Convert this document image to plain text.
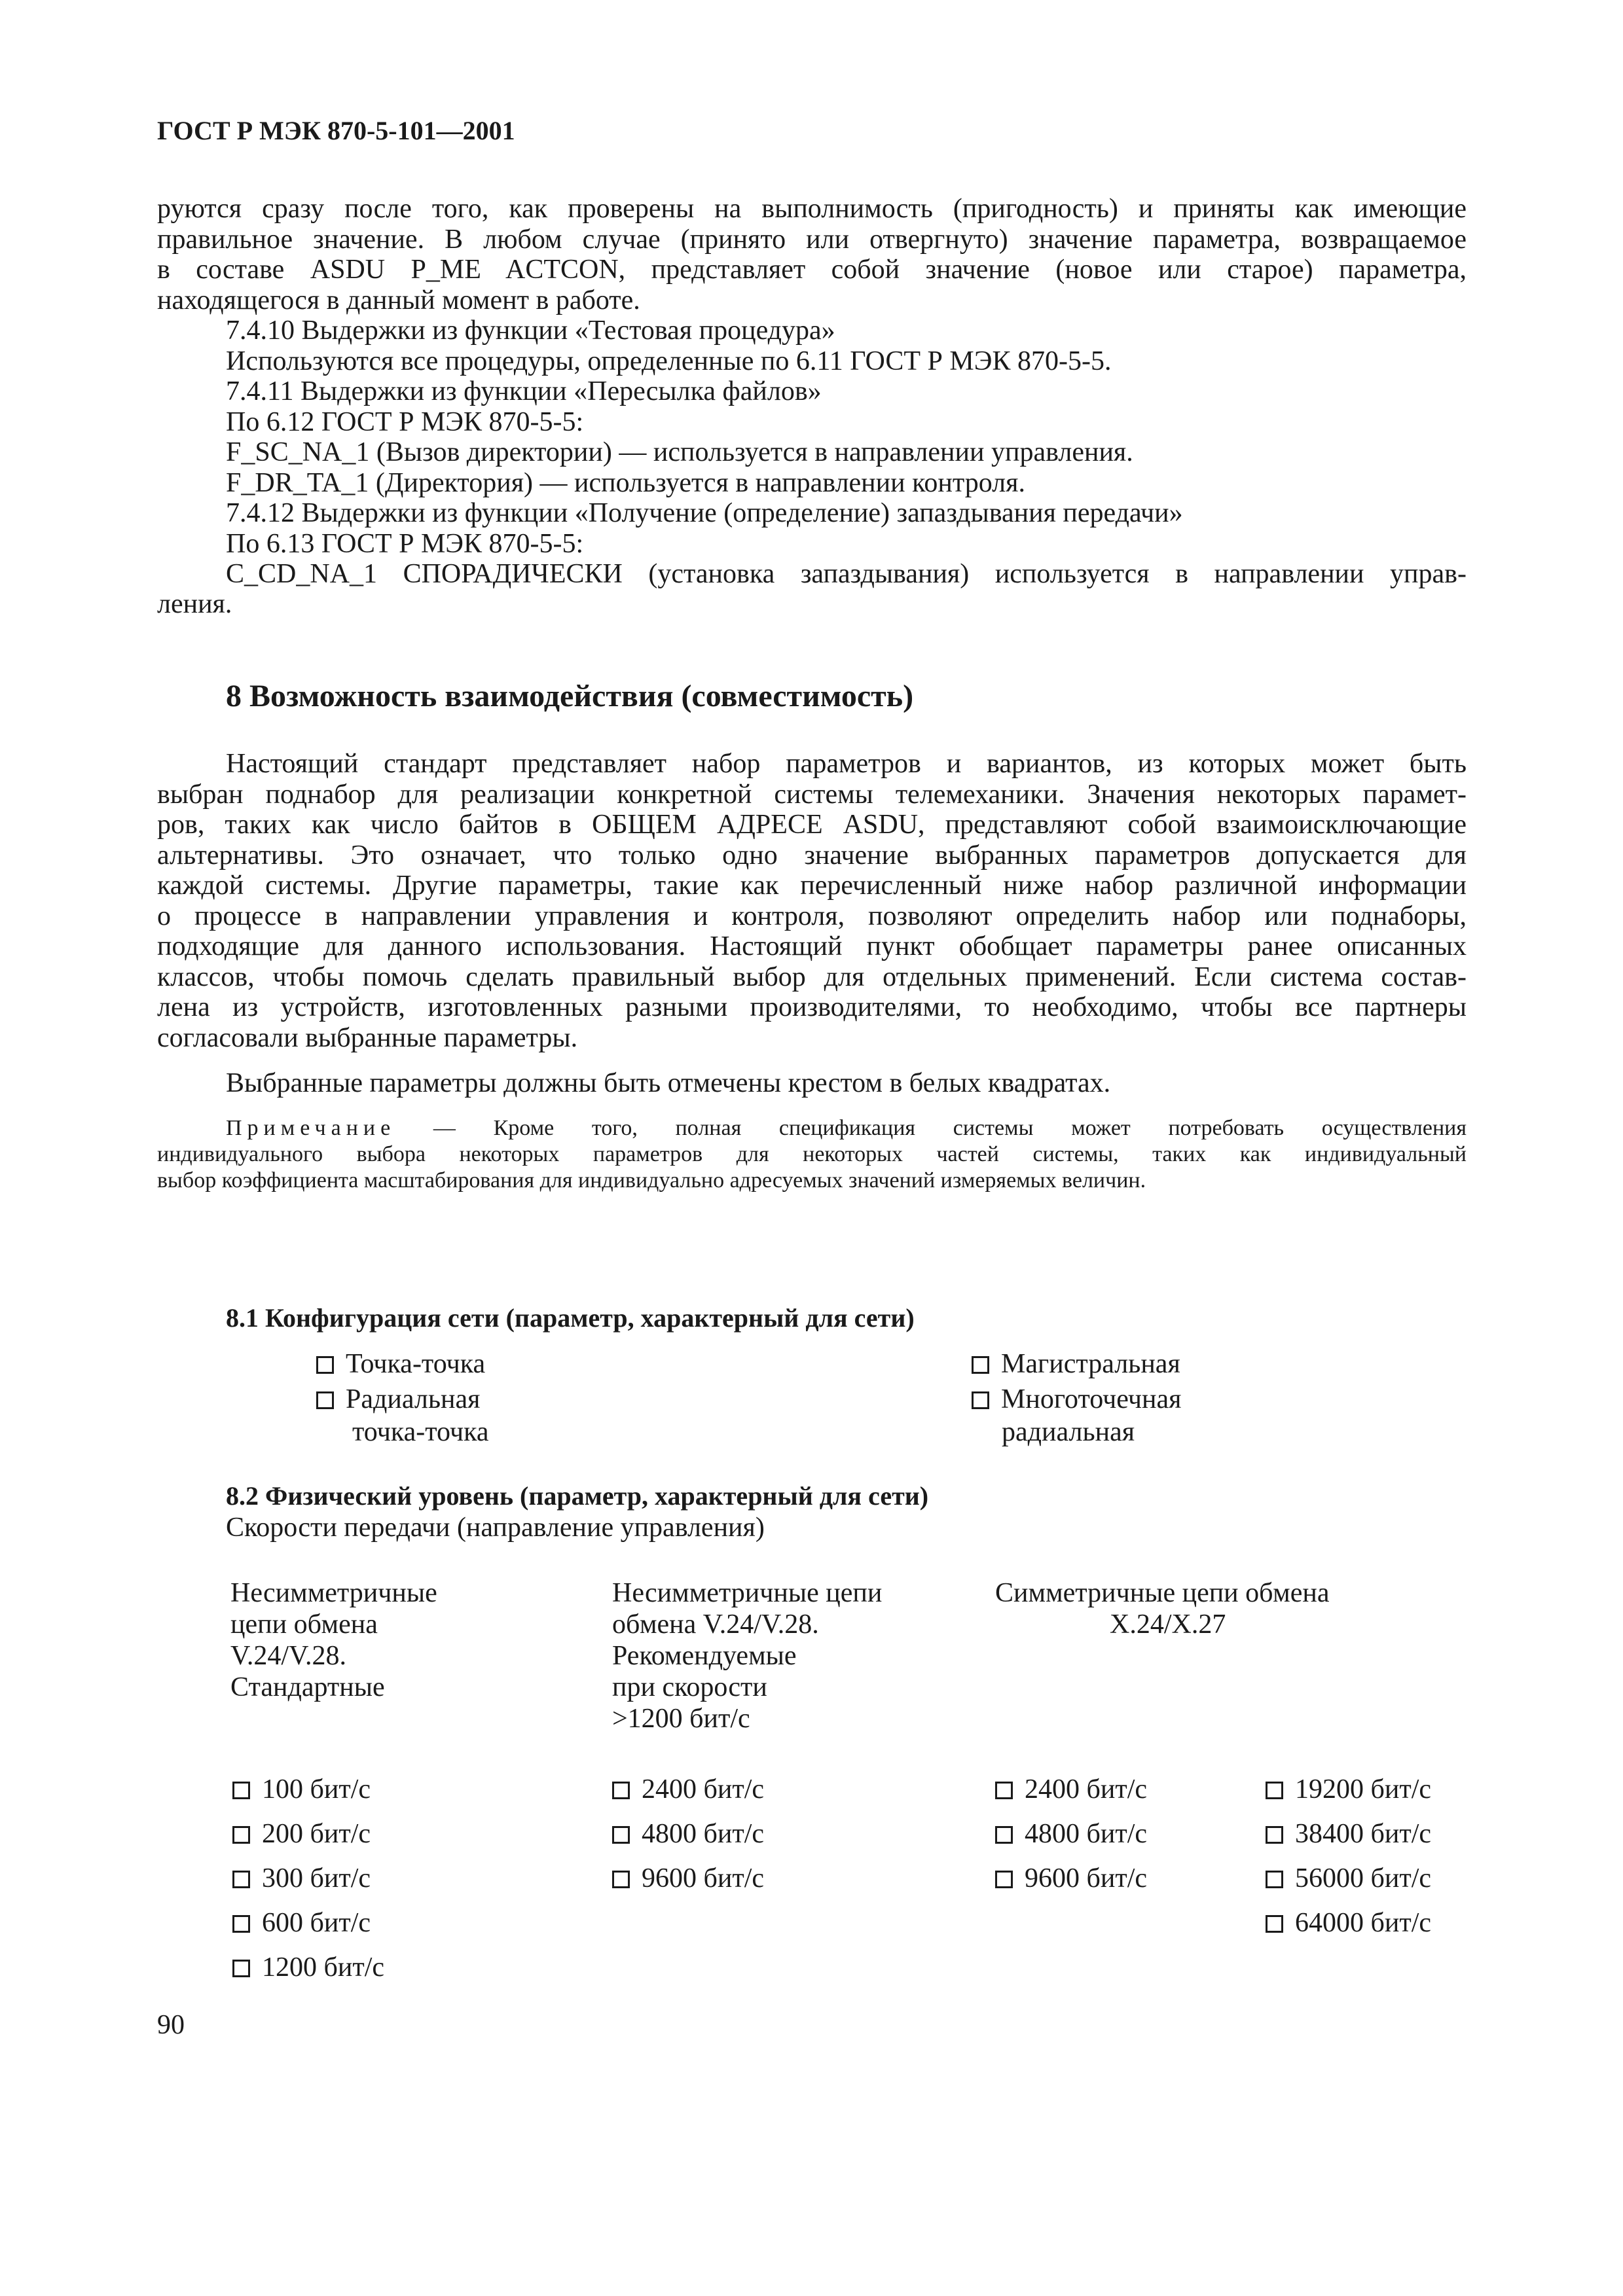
ГОСТ Р МЭК 870-5-101—2001
руются сразу после того, как проверены на выполнимость (пригодность) и приняты как имеющие
правильное значение. В любом случае (принято или отвергнуто) значение параметра, возвращаемое
в составе ASDU P_ME ACTCON, представляет собой значение (новое или старое) параметра,
находящегося в данный момент в работе.
7.4.10 Выдержки из функции «Тестовая процедура»
Используются все процедуры, определенные по 6.11 ГОСТ Р МЭК 870-5-5.
7.4.11 Выдержки из функции «Пересылка файлов»
По 6.12 ГОСТ Р МЭК 870-5-5:
F_SC_NA_1 (Вызов директории) — используется в направлении управления.
F_DR_TA_1 (Директория) — используется в направлении контроля.
7.4.12 Выдержки из функции «Получение (определение) запаздывания передачи»
По 6.13 ГОСТ Р МЭК 870-5-5:
C_CD_NA_1 СПОРАДИЧЕСКИ (установка запаздывания) используется в направлении управ-
ления.
8 Возможность взаимодействия (совместимость)
Настоящий стандарт представляет набор параметров и вариантов, из которых может быть
выбран поднабор для реализации конкретной системы телемеханики. Значения некоторых парамет-
ров, таких как число байтов в ОБЩЕМ АДРЕСЕ ASDU, представляют собой взаимоисключающие
альтернативы. Это означает, что только одно значение выбранных параметров допускается для
каждой системы. Другие параметры, такие как перечисленный ниже набор различной информации
о процессе в направлении управления и контроля, позволяют определить набор или поднаборы,
подходящие для данного использования. Настоящий пункт обобщает параметры ранее описанных
классов, чтобы помочь сделать правильный выбор для отдельных применений. Если система состав-
лена из устройств, изготовленных разными производителями, то необходимо, чтобы все партнеры
согласовали выбранные параметры.
Выбранные параметры должны быть отмечены крестом в белых квадратах.
Примечание — Кроме того, полная спецификация системы может потребовать осуществления
индивидуального выбора некоторых параметров для некоторых частей системы, таких как индивидуальный
выбор коэффициента масштабирования для индивидуально адресуемых значений измеряемых величин.
8.1 Конфигурация сети (параметр, характерный для сети)
Точка-точка
Радиальная
точка-точка
Магистральная
Многоточечная
радиальная
8.2 Физический уровень (параметр, характерный для сети)
Скорости передачи (направление управления)
Несимметричные
цепи обмена
V.24/V.28.
Стандартные
Несимметричные цепи
обмена V.24/V.28.
Рекомендуемые
при скорости
>1200 бит/с
Симметричные цепи обмена
X.24/X.27
100 бит/с
200 бит/с
300 бит/с
600 бит/с
1200 бит/с
2400 бит/с
4800 бит/с
9600 бит/с
2400 бит/с
4800 бит/с
9600 бит/с
19200 бит/с
38400 бит/с
56000 бит/с
64000 бит/с
90
